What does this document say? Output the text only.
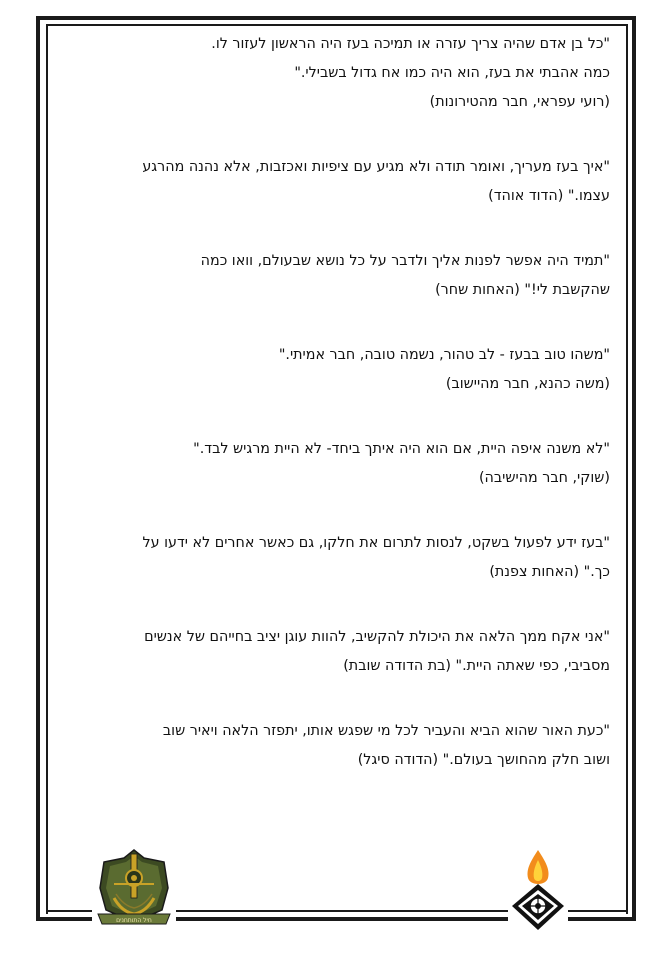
"כל בן אדם שהיה צריך עזרה או תמיכה בעז היה הראשון לעזור לו.

כמה אהבתי את בעז, הוא היה כמו אח גדול בשבילי."

(רועי עפראי, חבר מהטירונות)

"איך בעז מעריך, ואומר תודה ולא מגיע עם ציפיות ואכזבות, אלא נהנה מהרגע

עצמו." (הדוד אוהד)

"תמיד היה אפשר לפנות אליך ולדבר על כל נושא שבעולם, וואו כמה

שהקשבת לי!" (האחות שחר)

"משהו טוב בבעז - לב טהור, נשמה טובה, חבר אמיתי."

(משה כהנא, חבר מהיישוב)

"לא משנה איפה היית, אם הוא היה איתך ביחד- לא היית מרגיש לבד."

(שוקי, חבר מהישיבה)

"בעז ידע לפעול בשקט, לנסות לתרום את חלקו, גם כאשר אחרים לא ידעו על

כך." (האחות צפנת)

"אני אקח ממך הלאה את היכולת להקשיב, להוות עוגן יציב בחייהם של אנשים

מסביבי, כפי שאתה היית." (בת הדודה שובת)

"כעת האור שהוא הביא והעביר לכל מי שפגש אותו, יתפזר הלאה ויאיר שוב

ושוב חלק מהחושך בעולם." (הדודה סיגל)

חיל התותחנים
